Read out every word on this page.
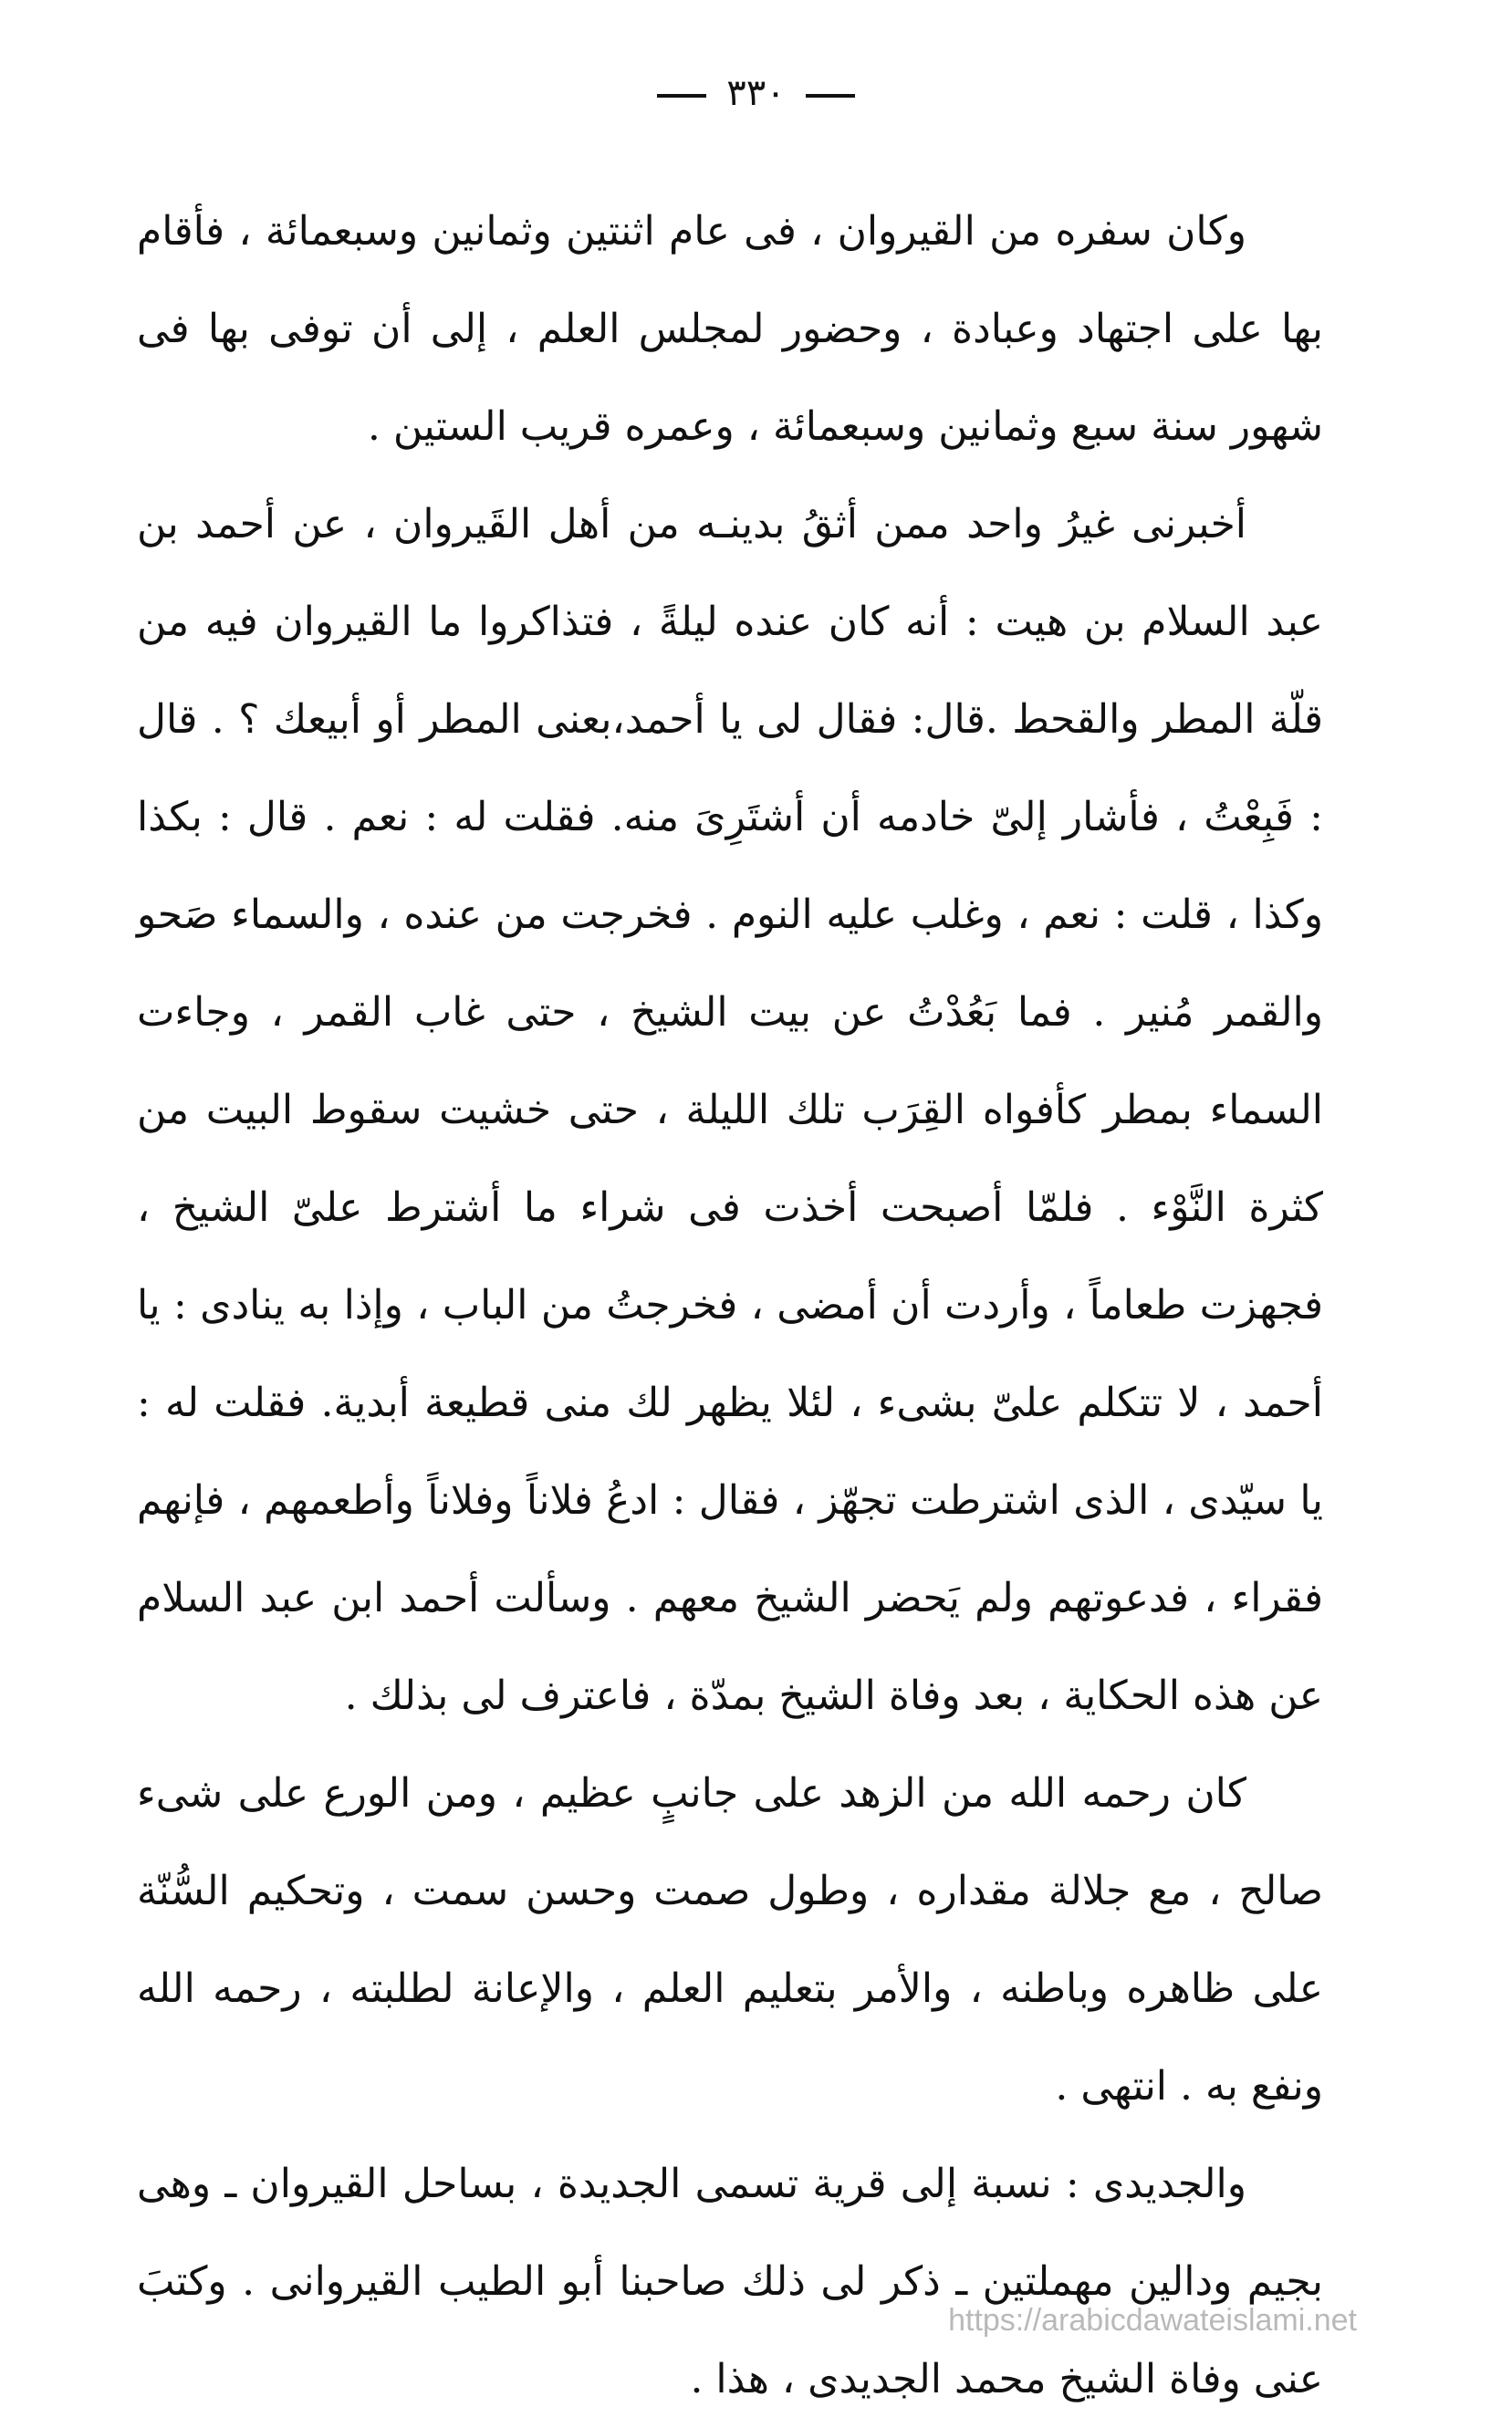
٣٣٠

وكان سفره من القيروان ، فى عام اثنتين وثمانين وسبعمائة ، فأقام بها على اجتهاد وعبادة ، وحضور لمجلس العلم ، إلى أن توفى بها فى شهور سنة سبع وثمانين وسبعمائة ، وعمره قريب الستين .

أخبرنى غيرُ واحد ممن أثقُ بدينـه من أهل القَيروان ، عن أحمد بن عبد السلام بن هيت : أنه كان عنده ليلةً ، فتذاكروا ما القيروان فيه من قلّة المطر والقحط .قال: فقال لى يا أحمد،بعنى المطر أو أبيعك ؟ . قال : فَبِعْتُ ، فأشار إلىّ خادمه أن أشتَرِىَ منه. فقلت له : نعم . قال : بكذا وكذا ، قلت : نعم ، وغلب عليه النوم . فخرجت من عنده ، والسماء صَحو والقمر مُنير . فما بَعُدْتُ عن بيت الشيخ ، حتى غاب القمر ، وجاءت السماء بمطر كأفواه القِرَب تلك الليلة ، حتى خشيت سقوط البيت من كثرة النَّوْء . فلمّا أصبحت أخذت فى شراء ما أشترط علىّ الشيخ ، فجهزت طعاماً ، وأردت أن أمضى ، فخرجتُ من الباب ، وإذا به ينادى : يا أحمد ، لا تتكلم علىّ بشىء ، لئلا يظهر لك منى قطيعة أبدية. فقلت له : يا سيّدى ، الذى اشترطت تجهّز ، فقال : ادعُ فلاناً وفلاناً وأطعمهم ، فإنهم فقراء ، فدعوتهم ولم يَحضر الشيخ معهم . وسألت أحمد ابن عبد السلام عن هذه الحكاية ، بعد وفاة الشيخ بمدّة ، فاعترف لى بذلك .

كان رحمه الله من الزهد على جانبٍ عظيم ، ومن الورع على شىء صالح ، مع جلالة مقداره ، وطول صمت وحسن سمت ، وتحكيم السُّنّة على ظاهره وباطنه ، والأمر بتعليم العلم ، والإعانة لطلبته ، رحمه الله ونفع به . انتهى .

والجديدى : نسبة إلى قرية تسمى الجديدة ، بساحل القيروان ـ وهى بجيم ودالين مهملتين ـ ذكر لى ذلك صاحبنا أبو الطيب القيروانى . وكتبَ عنى وفاة الشيخ محمد الجديدى ، هذا .

https://arabicdawateislami.net
